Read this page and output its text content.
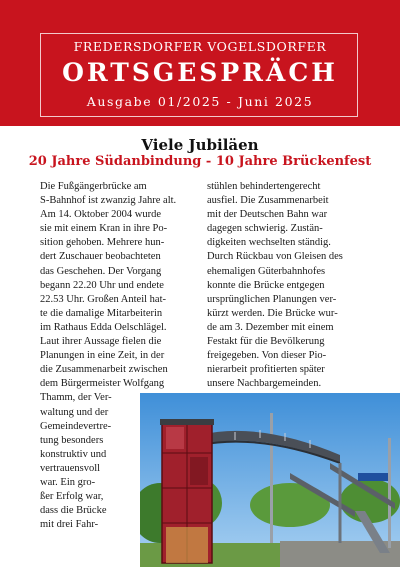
FREDERSDORFER VOGELSDORFER
ORTSGESPRÄCH
Ausgabe 01/2025 - Juni 2025
Viele Jubiläen
20 Jahre Südanbindung - 10 Jahre Brückenfest

Die Fußgängerbrücke am

S-Bahnhof ist zwanzig Jahre alt.

Am 14. Oktober 2004 wurde

sie mit einem Kran in ihre Po-

sition gehoben. Mehrere hun-

dert Zuschauer beobachteten

das Geschehen. Der Vorgang

begann 22.20 Uhr und endete

22.53 Uhr. Großen Anteil hat-

te die damalige Mitarbeiterin

im Rathaus Edda Oelschlägel.

Laut ihrer Aussage fielen die

Planungen in eine Zeit, in der

die Zusammenarbeit zwischen

dem Bürgermeister Wolfgang

Thamm, der Ver-

waltung und der

Gemeindevertre-

tung besonders

konstruktiv und

vertrauensvoll

war. Ein gro-

ßer Erfolg war,

dass die Brücke

mit drei Fahr-

stühlen behindertengerecht

ausfiel. Die Zusammenarbeit

mit der Deutschen Bahn war

dagegen schwierig. Zustän-

digkeiten wechselten ständig.

Durch Rückbau von Gleisen des

ehemaligen Güterbahnhofes

konnte die Brücke entgegen

ursprünglichen Planungen ver-

kürzt werden. Die Brücke wur-

de am 3. Dezember mit einem

Festakt für die Bevölkerung

freigegeben. Von dieser Pio-

nierarbeit profitierten später

unsere Nachbargemeinden.
